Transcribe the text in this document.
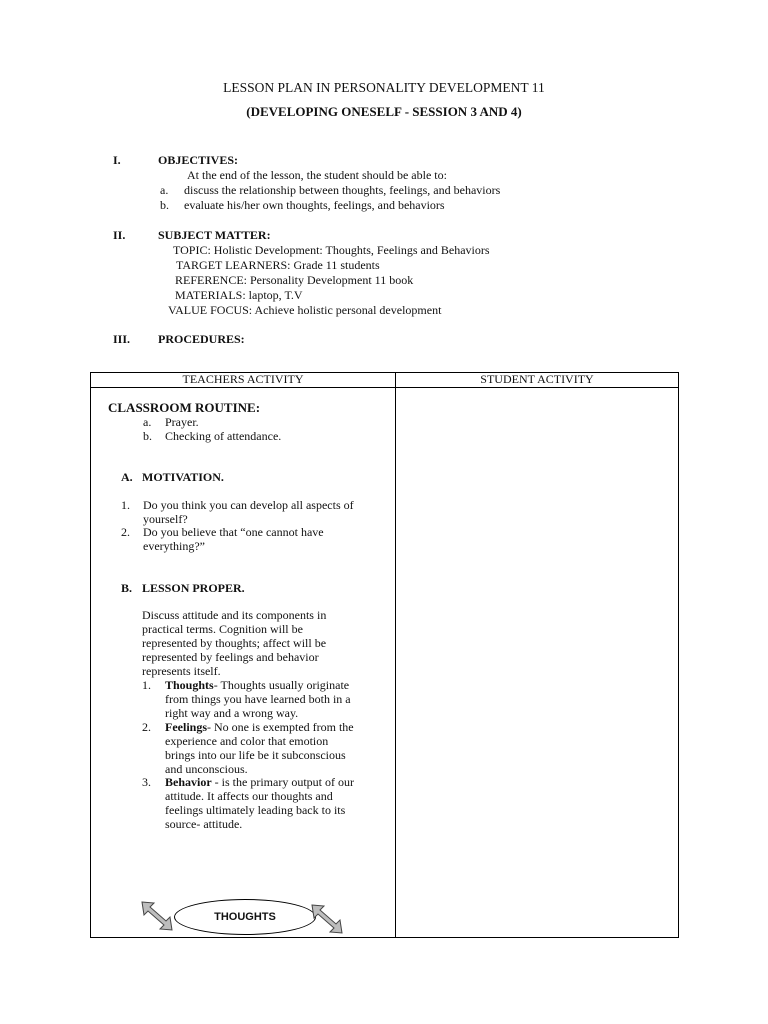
LESSON PLAN IN PERSONALITY DEVELOPMENT 11
(DEVELOPING ONESELF - SESSION 3 AND 4)
I.	OBJECTIVES:
At the end of the lesson, the student should be able to:
a. discuss the relationship between thoughts, feelings, and behaviors
b. evaluate his/her own thoughts, feelings, and behaviors
II.	SUBJECT MATTER:
TOPIC: Holistic Development: Thoughts, Feelings and Behaviors
TARGET LEARNERS: Grade 11 students
REFERENCE: Personality Development 11 book
MATERIALS: laptop, T.V
VALUE FOCUS: Achieve holistic personal development
III. PROCEDURES:
TEACHERS ACTIVITY	STUDENT ACTIVITY

CLASSROOM ROUTINE:
a. Prayer.
b. Checking of attendance.
A. MOTIVATION.
1. Do you think you can develop all aspects of
yourself?
2. Do you believe that “one cannot have
everything?”
B. LESSON PROPER.
Discuss attitude and its components in
practical terms. Cognition will be
represented by thoughts; affect will be
represented by feelings and behavior
represents itself.
1. Thoughts- Thoughts usually originate
from things you have learned both in a
right way and a wrong way.
2. Feelings- No one is exempted from the
experience and color that emotion
brings into our life be it subconscious
and unconscious.
3. Behavior - is the primary output of our
attitude. It affects our thoughts and
feelings ultimately leading back to its
source- attitude.
THOUGHTS
